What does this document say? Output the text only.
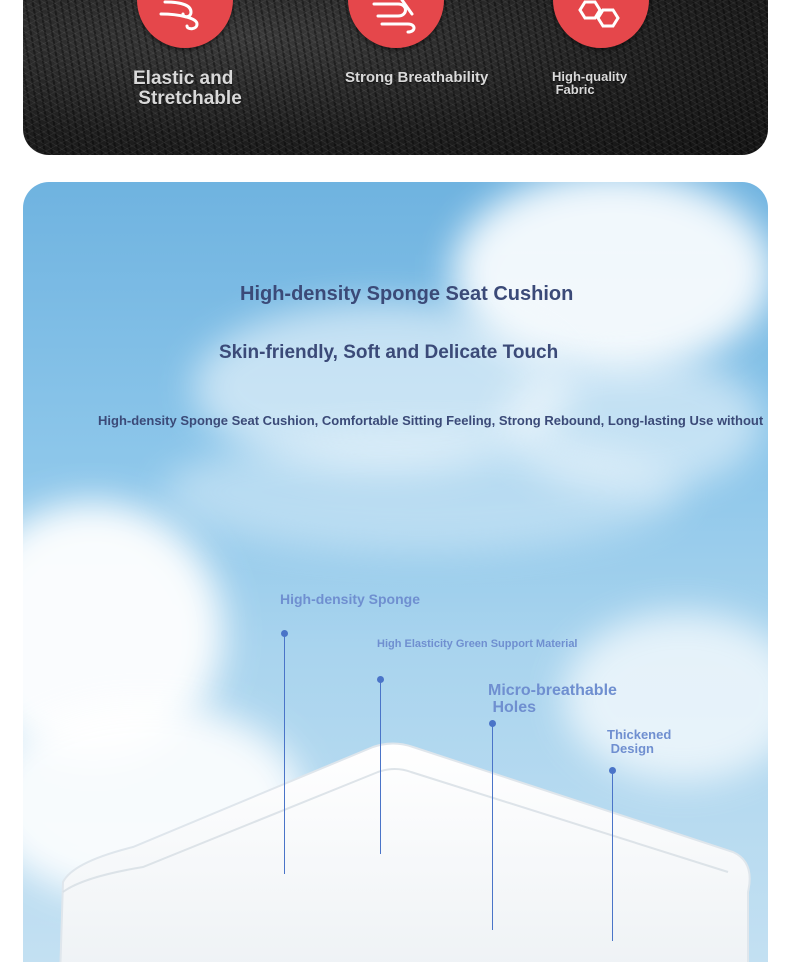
Elastic and
Stretchable
Strong Breathability	High-quality
Fabric
High-density Sponge Seat Cushion
Skin-friendly, Soft and Delicate Touch
High-density Sponge Seat Cushion, Comfortable Sitting Feeling, Strong Rebound, Long-lasting Use without
High-density Sponge
High Elasticity Green Support Material
Micro-breathable
Holes
Thickened
Design
